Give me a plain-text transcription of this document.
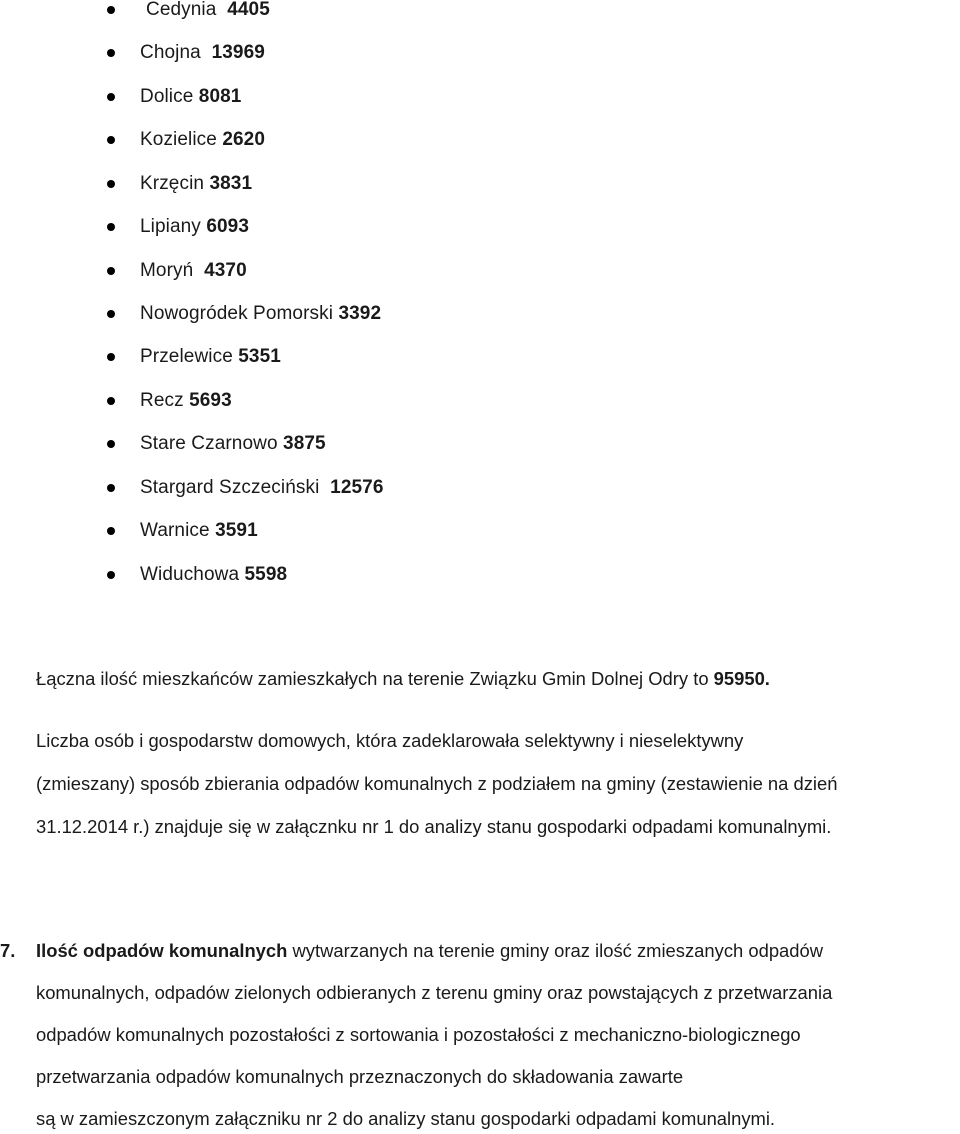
Cedynia 4405
Chojna 13969
Dolice 8081
Kozielice 2620
Krzęcin 3831
Lipiany 6093
Moryń 4370
Nowogródek Pomorski 3392
Przelewice 5351
Recz 5693
Stare Czarnowo 3875
Stargard Szczeciński 12576
Warnice 3591
Widuchowa 5598
Łączna ilość mieszkańców zamieszkałych na terenie Związku Gmin Dolnej Odry to 95950.
Liczba osób i gospodarstw domowych, która zadeklarowała selektywny i nieselektywny
(zmieszany) sposób zbierania odpadów komunalnych z podziałem na gminy (zestawienie na dzień
31.12.2014 r.) znajduje się w załącznku nr 1 do analizy stanu gospodarki odpadami komunalnymi.
7. Ilość odpadów komunalnych wytwarzanych na terenie gminy oraz ilość zmieszanych odpadów
komunalnych, odpadów zielonych odbieranych z terenu gminy oraz powstających z przetwarzania
odpadów komunalnych pozostałości z sortowania i pozostałości z mechaniczno-biologicznego
przetwarzania odpadów komunalnych przeznaczonych do składowania zawarte
są w zamieszczonym załączniku nr 2 do analizy stanu gospodarki odpadami komunalnymi.
